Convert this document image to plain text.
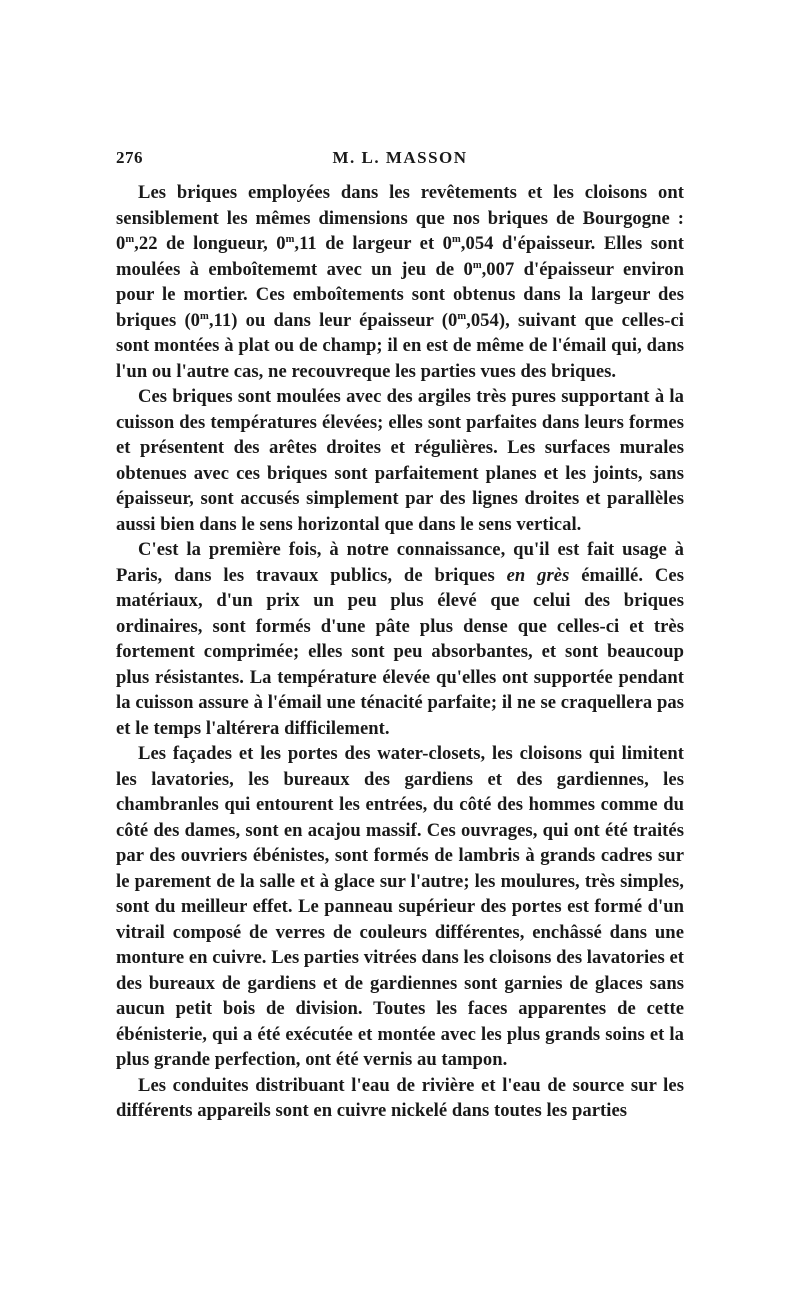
276	M. L. MASSON

Les briques employées dans les revêtements et les cloisons ont sensiblement les mêmes dimensions que nos briques de Bourgogne : 0$^m$,22 de longueur, 0$^m$,11 de largeur et 0$^m$,054 d'épaisseur. Elles sont moulées à emboîtememt avec un jeu de 0$^m$,007 d'épaisseur environ pour le mortier. Ces emboîtements sont obtenus dans la largeur des briques (0$^m$,11) ou dans leur épaisseur (0$^m$,054), suivant que celles-ci sont montées à plat ou de champ; il en est de même de l'émail qui, dans l'un ou l'autre cas, ne recouvreque les parties vues des briques.

Ces briques sont moulées avec des argiles très pures supportant à la cuisson des températures élevées; elles sont parfaites dans leurs formes et présentent des arêtes droites et régulières. Les surfaces murales obtenues avec ces briques sont parfaitement planes et les joints, sans épaisseur, sont accusés simplement par des lignes droites et parallèles aussi bien dans le sens horizontal que dans le sens vertical.

C'est la première fois, à notre connaissance, qu'il est fait usage à Paris, dans les travaux publics, de briques en grès émaillé. Ces matériaux, d'un prix un peu plus élevé que celui des briques ordinaires, sont formés d'une pâte plus dense que celles-ci et très fortement comprimée; elles sont peu absorbantes, et sont beaucoup plus résistantes. La température élevée qu'elles ont supportée pendant la cuisson assure à l'émail une ténacité parfaite; il ne se craquellera pas et le temps l'altérera difficilement.

Les façades et les portes des water-closets, les cloisons qui limitent les lavatories, les bureaux des gardiens et des gardiennes, les chambranles qui entourent les entrées, du côté des hommes comme du côté des dames, sont en acajou massif. Ces ouvrages, qui ont été traités par des ouvriers ébénistes, sont formés de lambris à grands cadres sur le parement de la salle et à glace sur l'autre; les moulures, très simples, sont du meilleur effet. Le panneau supérieur des portes est formé d'un vitrail composé de verres de couleurs différentes, enchâssé dans une monture en cuivre. Les parties vitrées dans les cloisons des lavatories et des bureaux de gardiens et de gardiennes sont garnies de glaces sans aucun petit bois de division. Toutes les faces apparentes de cette ébénisterie, qui a été exécutée et montée avec les plus grands soins et la plus grande perfection, ont été vernis au tampon.

Les conduites distribuant l'eau de rivière et l'eau de source sur les différents appareils sont en cuivre nickelé dans toutes les parties
